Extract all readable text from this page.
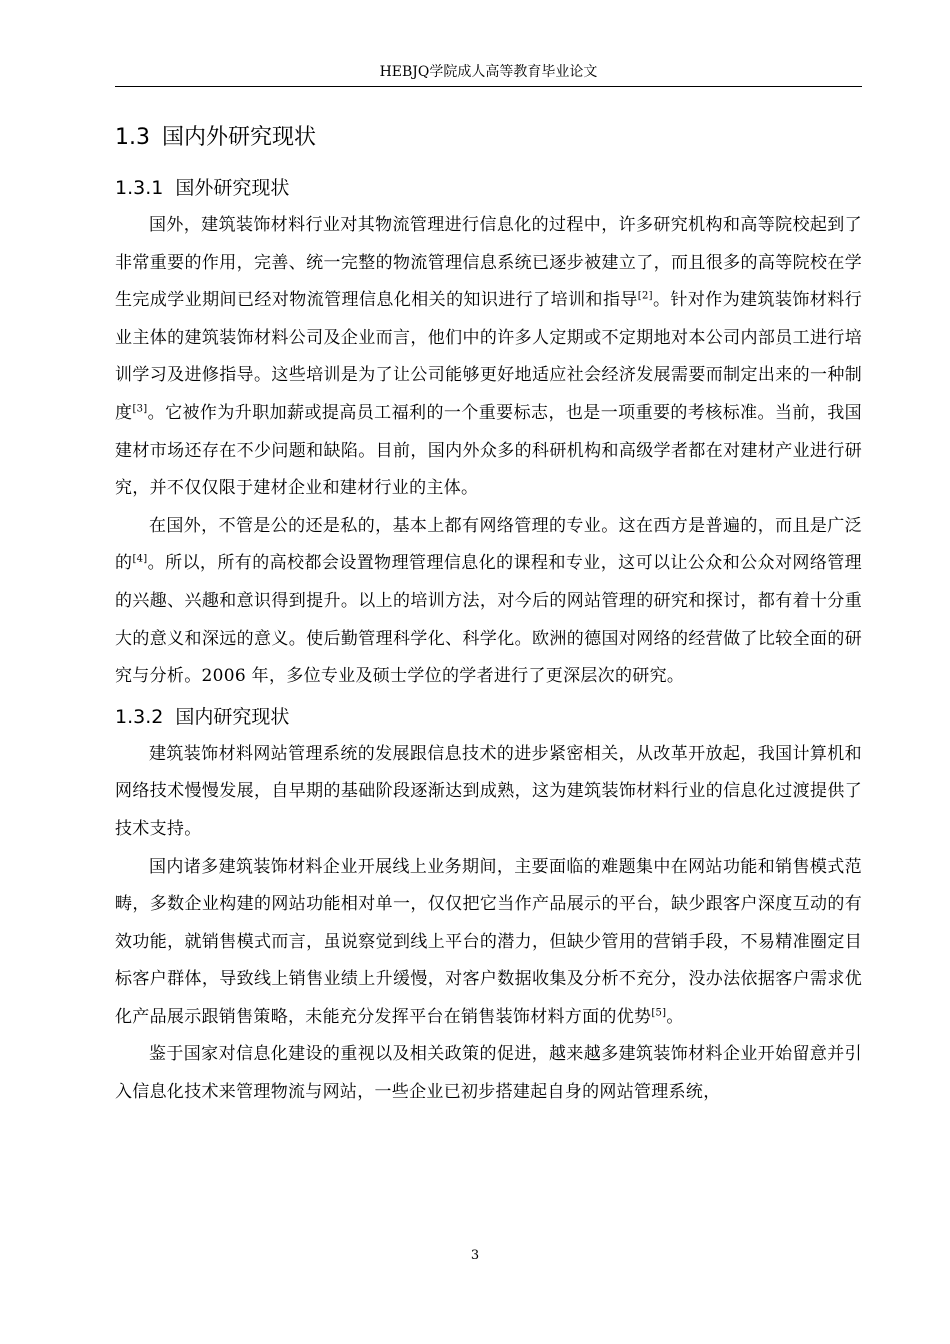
HEBJQ学院成人高等教育毕业论文
1.3 国内外研究现状
1.3.1 国外研究现状

国外，建筑装饰材料行业对其物流管理进行信息化的过程中，许多研究机构和高等院校起到了非常重要的作用，完善、统一完整的物流管理信息系统已逐步被建立了，而且很多的高等院校在学生完成学业期间已经对物流管理信息化相关的知识进行了培训和指导[2]。针对作为建筑装饰材料行业主体的建筑装饰材料公司及企业而言，他们中的许多人定期或不定期地对本公司内部员工进行培训学习及进修指导。这些培训是为了让公司能够更好地适应社会经济发展需要而制定出来的一种制度[3]。它被作为升职加薪或提高员工福利的一个重要标志，也是一项重要的考核标准。当前，我国建材市场还存在不少问题和缺陷。目前，国内外众多的科研机构和高级学者都在对建材产业进行研究，并不仅仅限于建材企业和建材行业的主体。

在国外，不管是公的还是私的，基本上都有网络管理的专业。这在西方是普遍的，而且是广泛的[4]。所以，所有的高校都会设置物理管理信息化的课程和专业，这可以让公众和公众对网络管理的兴趣、兴趣和意识得到提升。以上的培训方法，对今后的网站管理的研究和探讨，都有着十分重大的意义和深远的意义。使后勤管理科学化、科学化。欧洲的德国对网络的经营做了比较全面的研究与分析。2006 年，多位专业及硕士学位的学者进行了更深层次的研究。

1.3.2 国内研究现状

建筑装饰材料网站管理系统的发展跟信息技术的进步紧密相关，从改革开放起，我国计算机和网络技术慢慢发展，自早期的基础阶段逐渐达到成熟，这为建筑装饰材料行业的信息化过渡提供了技术支持。

国内诸多建筑装饰材料企业开展线上业务期间，主要面临的难题集中在网站功能和销售模式范畴，多数企业构建的网站功能相对单一，仅仅把它当作产品展示的平台，缺少跟客户深度互动的有效功能，就销售模式而言，虽说察觉到线上平台的潜力，但缺少管用的营销手段，不易精准圈定目标客户群体，导致线上销售业绩上升缓慢，对客户数据收集及分析不充分，没办法依据客户需求优化产品展示跟销售策略，未能充分发挥平台在销售装饰材料方面的优势[5]。

鉴于国家对信息化建设的重视以及相关政策的促进，越来越多建筑装饰材料企业开始留意并引入信息化技术来管理物流与网站，一些企业已初步搭建起自身的网站管理系统，

3
